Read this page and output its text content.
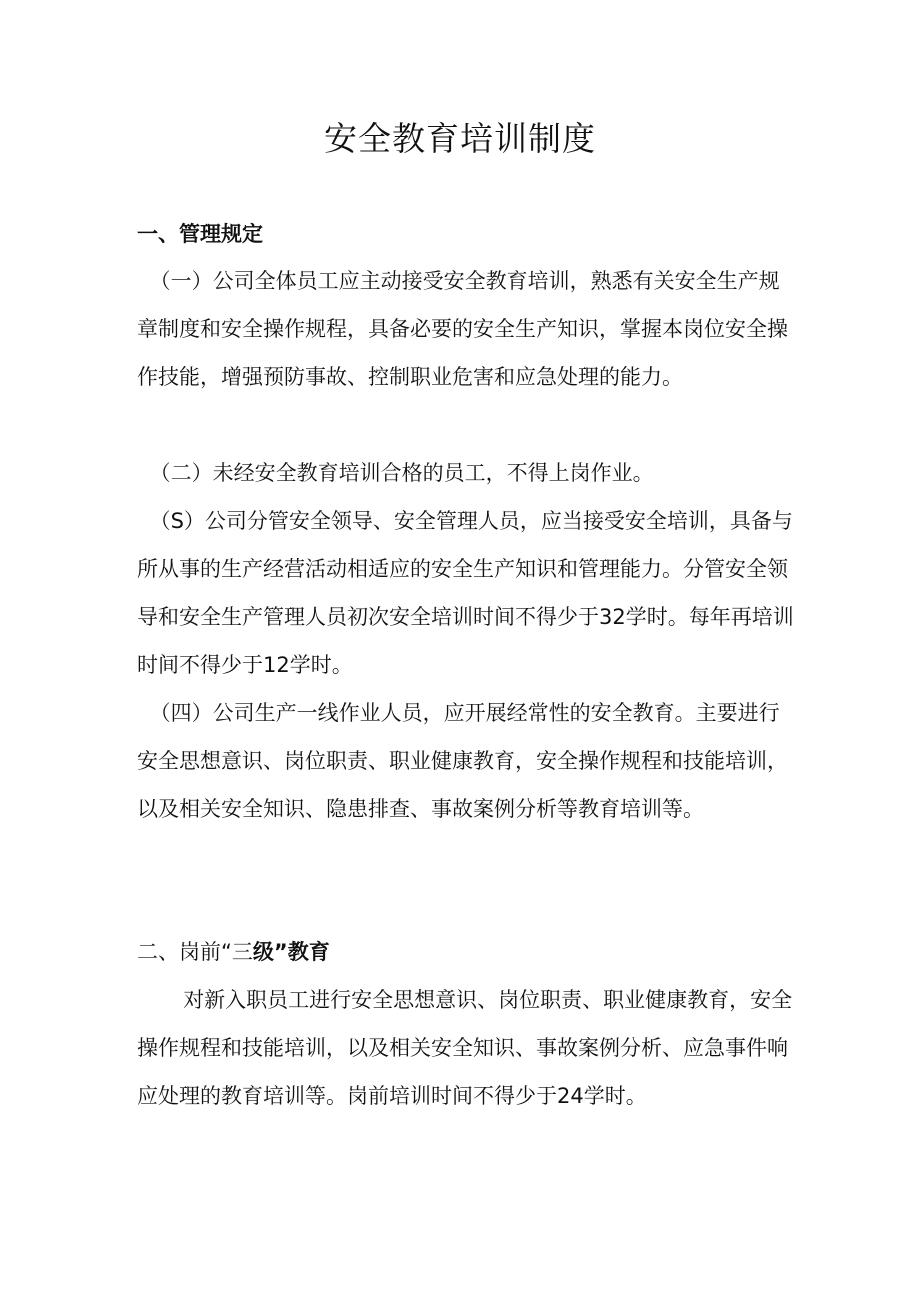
安全教育培训制度
一、管理规定

（一）公司全体员工应主动接受安全教育培训，熟悉有关安全生产规章制度和安全操作规程，具备必要的安全生产知识，掌握本岗位安全操作技能，增强预防事故、控制职业危害和应急处理的能力。

（二）未经安全教育培训合格的员工，不得上岗作业。

（S）公司分管安全领导、安全管理人员，应当接受安全培训，具备与所从事的生产经营活动相适应的安全生产知识和管理能力。分管安全领导和安全生产管理人员初次安全培训时间不得少于32学时。每年再培训时间不得少于12学时。

（四）公司生产一线作业人员，应开展经常性的安全教育。主要进行安全思想意识、岗位职责、职业健康教育，安全操作规程和技能培训，以及相关安全知识、隐患排查、事故案例分析等教育培训等。

二、岗前“三级”教育

对新入职员工进行安全思想意识、岗位职责、职业健康教育，安全操作规程和技能培训，以及相关安全知识、事故案例分析、应急事件响应处理的教育培训等。岗前培训时间不得少于24学时。
